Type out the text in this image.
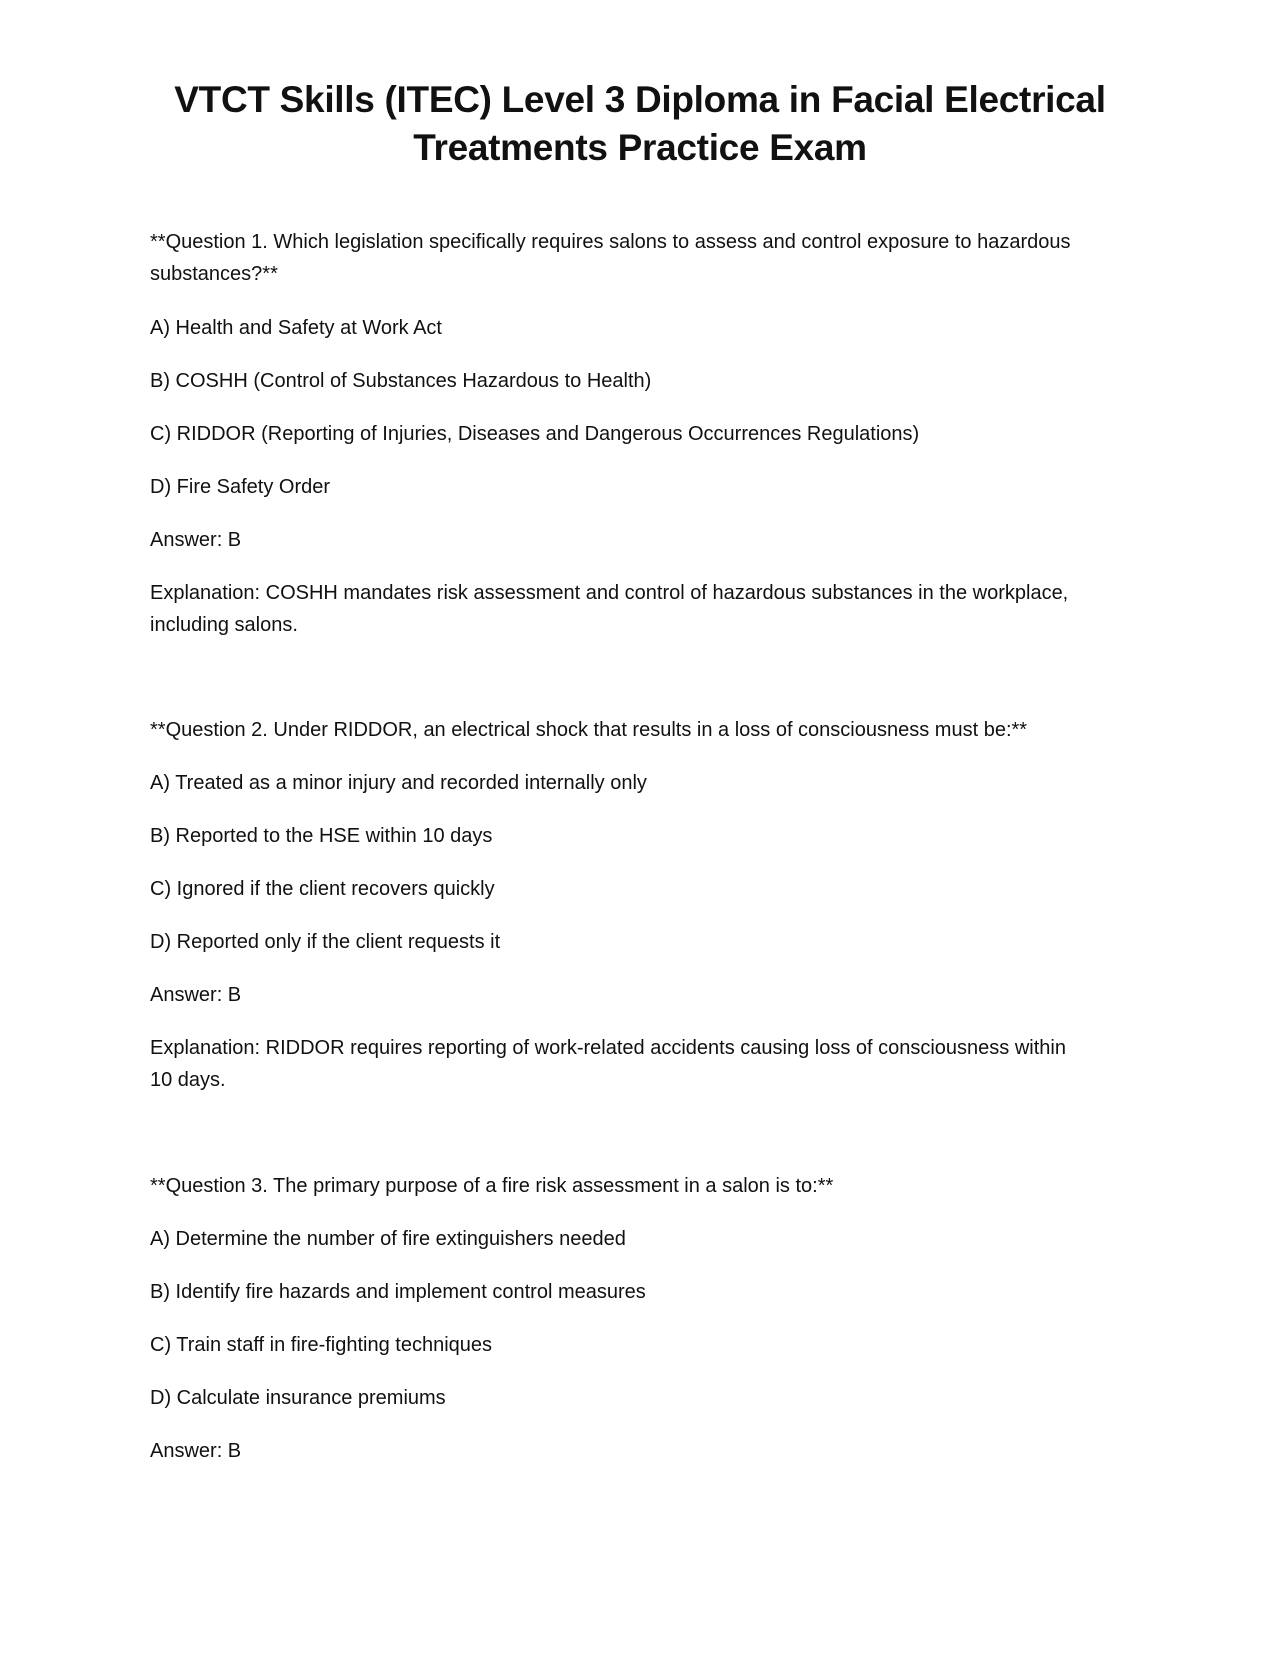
VTCT Skills (ITEC) Level 3 Diploma in Facial Electrical
Treatments Practice Exam
**Question 1. Which legislation specifically requires salons to assess and control exposure to hazardous
substances?**
A) Health and Safety at Work Act
B) COSHH (Control of Substances Hazardous to Health)
C) RIDDOR (Reporting of Injuries, Diseases and Dangerous Occurrences Regulations)
D) Fire Safety Order
Answer: B
Explanation: COSHH mandates risk assessment and control of hazardous substances in the workplace,
including salons.
**Question 2. Under RIDDOR, an electrical shock that results in a loss of consciousness must be:**
A) Treated as a minor injury and recorded internally only
B) Reported to the HSE within 10 days
C) Ignored if the client recovers quickly
D) Reported only if the client requests it
Answer: B
Explanation: RIDDOR requires reporting of work-related accidents causing loss of consciousness within
10 days.
**Question 3. The primary purpose of a fire risk assessment in a salon is to:**
A) Determine the number of fire extinguishers needed
B) Identify fire hazards and implement control measures
C) Train staff in fire-fighting techniques
D) Calculate insurance premiums
Answer: B
